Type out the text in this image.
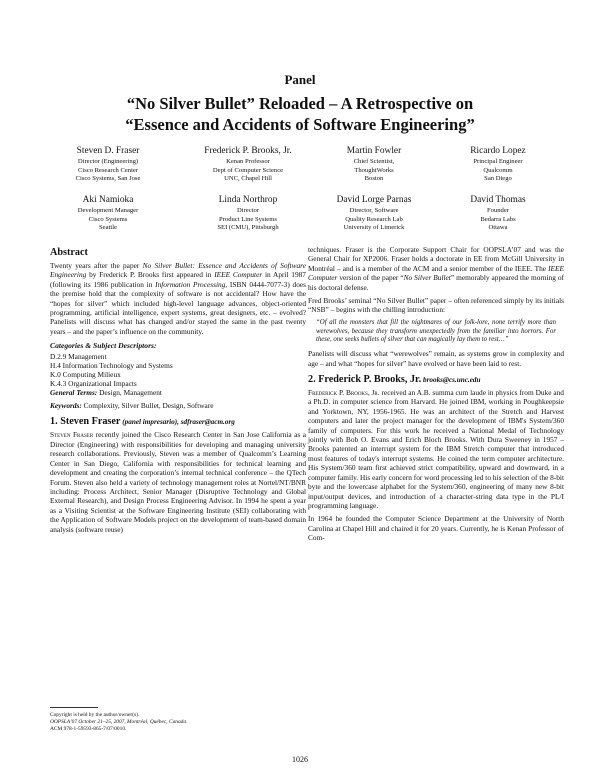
Panel
“No Silver Bullet” Reloaded – A Retrospective on
“Essence and Accidents of Software Engineering”
Steven D. Fraser
Director (Engineering)
Cisco Research Center
Cisco Systems, San Jose
Frederick P. Brooks, Jr.
Kenan Professor
Dept of Computer Science
UNC, Chapel Hill
Martin Fowler
Chief Scientist,
ThoughtWorks
Boston
Ricardo Lopez
Principal Engineer
Qualcomm
San Diego
Aki Namioka
Development Manager
Cisco Systems
Seattle
Linda Northrop
Director
Product Line Systems
SEI (CMU), Pittsburgh
David Lorge Parnas
Director, Software
Quality Research Lab
University of Limerick
David Thomas
Founder
Bedarra Labs
Ottawa
Abstract

Twenty years after the paper No Silver Bullet: Essence and Accidents of Software Engineering by Frederick P. Brooks first appeared in IEEE Computer in April 1987 (following its 1986 publication in Information Processing, ISBN 0444-7077-3) does the premise hold that the complexity of software is not accidental? How have the “hopes for silver” which included high-level language advances, object-oriented programming, artificial intelligence, expert systems, great designers, etc. – evolved? Panelists will discuss what has changed and/or stayed the same in the past twenty years – and the paper’s influence on the community.

Categories & Subject Descriptors:
D.2.9 Management
H.4 Information Technology and Systems
K.0 Computing Milieux
K.4.3 Organizational Impacts

General Terms: Design, Management

Keywords: Complexity, Silver Bullet, Design, Software

1. Steven Fraser (panel impresario), sdfraser@acm.org

Steven Fraser recently joined the Cisco Research Center in San Jose California as a Director (Engineering) with responsibilities for developing and managing university research collaborations. Previously, Steven was a member of Qualcomm’s Learning Center in San Diego, California with responsibilities for technical learning and development and creating the corporation’s internal technical conference – the QTech Forum. Steven also held a variety of technology management roles at Nortel/NT/BNR including: Process Architect, Senior Manager (Disruptive Technology and Global External Research), and Design Process Engineering Advisor. In 1994 he spent a year as a Visiting Scientist at the Software Engineering Institute (SEI) collaborating with the Application of Software Models project on the development of team-based domain analysis (software reuse)

Copyright is held by the author/owner(s).
OOPSLA’07 October 21–25, 2007, Montréal, Québec, Canada.
ACM 978-1-59593-865-7/07/0010.

techniques. Fraser is the Corporate Support Chair for OOPSLA’07 and was the General Chair for XP2006. Fraser holds a doctorate in EE from McGill University in Montréal – and is a member of the ACM and a senior member of the IEEE. The IEEE Computer version of the paper “No Silver Bullet” memorably appeared the morning of his doctoral defense.

Fred Brooks’ seminal “No Silver Bullet” paper – often referenced simply by its initials “NSB” – begins with the chilling introduction:

“Of all the monsters that fill the nightmares of our folk-lore, none terrify more than werewolves, because they transform unexpectedly from the familiar into horrors. For these, one seeks bullets of silver that can magically lay them to rest…”

Panelists will discuss what “werewolves” remain, as systems grow in complexity and age – and what “hopes for silver” have evolved or have been laid to rest.

2. Frederick P. Brooks, Jr. brooks@cs.unc.edu

Frederick P. Brooks, Jr. received an A.B. summa cum laude in physics from Duke and a Ph.D. in computer science from Harvard. He joined IBM, working in Poughkeepsie and Yorktown, NY, 1956-1965. He was an architect of the Stretch and Harvest computers and later the project manager for the development of IBM's System/360 family of computers. For this work he received a National Medal of Technology jointly with Bob O. Evans and Erich Bloch Brooks. With Dura Sweeney in 1957 – Brooks patented an interrupt system for the IBM Stretch computer that introduced most features of today's interrupt systems. He coined the term computer architecture. His System/360 team first achieved strict compatibility, upward and downward, in a computer family. His early concern for word processing led to his selection of the 8-bit byte and the lowercase alphabet for the System/360, engineering of many new 8-bit input/output devices, and introduction of a character-string data type in the PL/I programming language.

In 1964 he founded the Computer Science Department at the University of North Carolina at Chapel Hill and chaired it for 20 years. Currently, he is Kenan Professor of Com-

1026
